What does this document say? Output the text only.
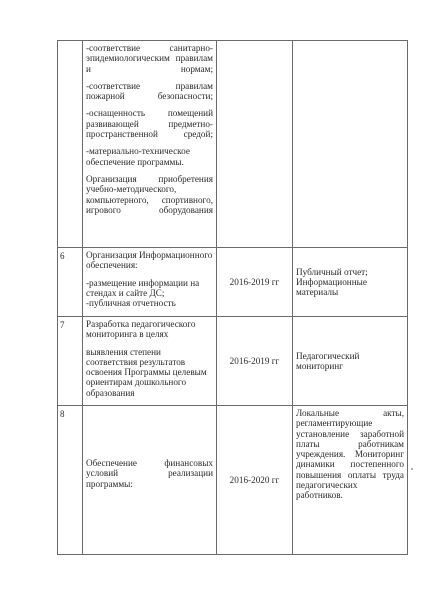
	-соответствие санитарно-эпидемиологическим правилам и нормам;
-соответствие правилам пожарной безопасности;
-оснащенность помещений развивающей предметно-пространственной средой;
-материально-техническое обеспечение программы.
Организация приобретения учебно-методического, компьютерного, спортивного, игрового оборудования		

6	Организация Информационного обеспечения:
-размещение информации на стендах и сайте ДС;
-публичная отчетность	2016-2019 гг	Публичный отчет; Информационные материалы
7	Разработка педагогического мониторинга в целях
выявления степени соответствия результатов освоения Программы целевым ориентирам дошкольного образования	2016-2019 гг	Педагогический мониторинг
8	Обеспечение финансовых условий реализации программы:	2016-2020 гг	Локальные акты, регламентирующие установление заработной платы работникам учреждения. Мониторинг динамики постепенного повышения оплаты труда педагогических работников.
